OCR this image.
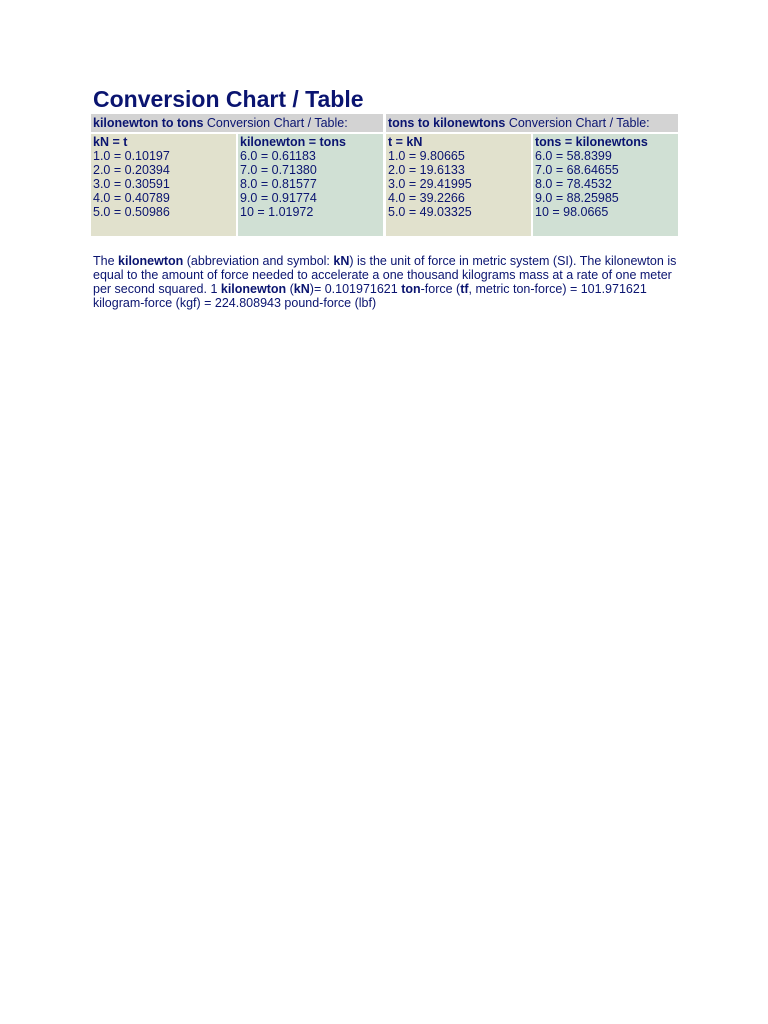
Conversion Chart / Table
kilonewton to tons Conversion Chart / Table:
kN = t
1.0 = 0.10197
2.0 = 0.20394
3.0 = 0.30591
4.0 = 0.40789
5.0 = 0.50986
kilonewton = tons
6.0 = 0.61183
7.0 = 0.71380
8.0 = 0.81577
9.0 = 0.91774
10 = 1.01972
tons to kilonewtons Conversion Chart / Table:
t = kN
1.0 = 9.80665
2.0 = 19.6133
3.0 = 29.41995
4.0 = 39.2266
5.0 = 49.03325
tons = kilonewtons
6.0 = 58.8399
7.0 = 68.64655
8.0 = 78.4532
9.0 = 88.25985
10 = 98.0665

The kilonewton (abbreviation and symbol: kN) is the unit of force in metric system (SI). The kilonewton is equal to the amount of force needed to accelerate a one thousand kilograms mass at a rate of one meter per second squared. 1 kilonewton (kN)= 0.101971621 ton-force (tf, metric ton-force) = 101.971621 kilogram-force (kgf) = 224.808943 pound-force (lbf)
